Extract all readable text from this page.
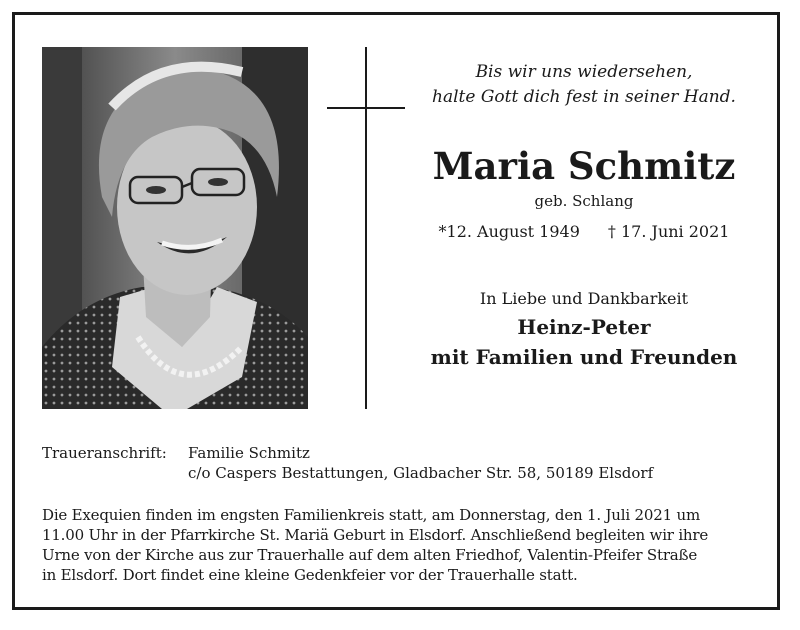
Bis wir uns wiedersehen,
halte Gott dich fest in seiner Hand.
Maria Schmitz
geb. Schlang
*12. August 1949 † 17. Juni 2021
In Liebe und Dankbarkeit
Heinz-Peter
mit Familien und Freunden
Traueranschrift:	Familie Schmitz
c/o Caspers Bestattungen, Gladbacher Str. 58, 50189 Elsdorf
Die Exequien finden im engsten Familienkreis statt, am Donnerstag, den 1. Juli 2021 um
11.00 Uhr in der Pfarrkirche St. Mariä Geburt in Elsdorf. Anschließend begleiten wir ihre
Urne von der Kirche aus zur Trauerhalle auf dem alten Friedhof, Valentin-Pfeifer Straße
in Elsdorf. Dort findet eine kleine Gedenkfeier vor der Trauerhalle statt.
